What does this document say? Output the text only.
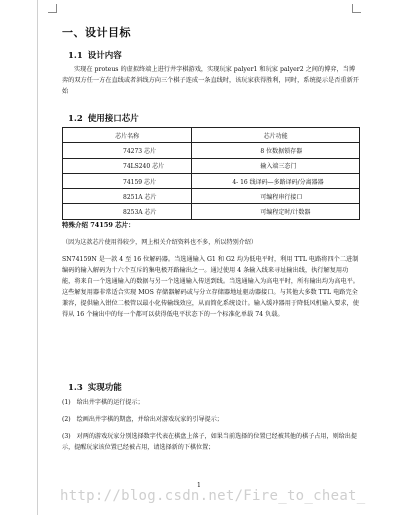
一、设计目标
1.1 设计内容
实现在 proteus 的虚拟终端上进行井字棋游戏，实现玩家 palyer1 和玩家 palyer2 之间的博弈，当博弈的双方任一方在直线或者斜线方向三个棋子连成一条直线时，该玩家获得胜利，同时，系统提示是否重新开始
1.2 使用接口芯片
芯片名称	芯片功能
74273 芯片	8 位数据锁存器
74LS240 芯片	输入端三态门
74159 芯片	4- 16 线译码—多路译码/分离器器
8251A 芯片	可编程串行接口
8253A 芯片	可编程定时/计数器
特殊介绍 74159 芯片：
（因为这款芯片使用得较少，网上相关介绍资料也不多，所以特别介绍）
SN74159N 是一款 4 至 16 位解码器。当选通输入 G1 和 G2 均为低电平时，利用 TTL 电路将四个二进制编码的输入解码为十六个互斥的集电极开路输出之一。通过使用 4 条输入线来寻址输出线，执行解复用功能，将来自一个选通输入的数据与另一个选通输入传送到线。当选通输入为高电平时，所有输出均为高电平。这些解复用器非常适合实现 MOS 存储器解码或与分立存储器地址驱动器接口。与其他大多数 TTL 电路完全兼容，提供输入钳位二极管以最小化传输线效应，从而简化系统设计。输入缓冲器用于降低风机输入要求，使得从 16 个输出中的每一个都可以获得低电平状态下的一个标准化单载 74 负载。
1.3 实现功能
(1) 给出井字棋的运行提示；
(2) 绘画出井字棋的期盘，并给出对游戏玩家的引导提示；
(3) 对两的游戏玩家分别选择数字代表在棋盘上落子，如果当前选择的位置已经被其他的棋子占用，则给出提示，提醒玩家该位置已经被占用，请选择新的下棋位置；
1
http://blog.csdn.net/Fire_to_cheat_
